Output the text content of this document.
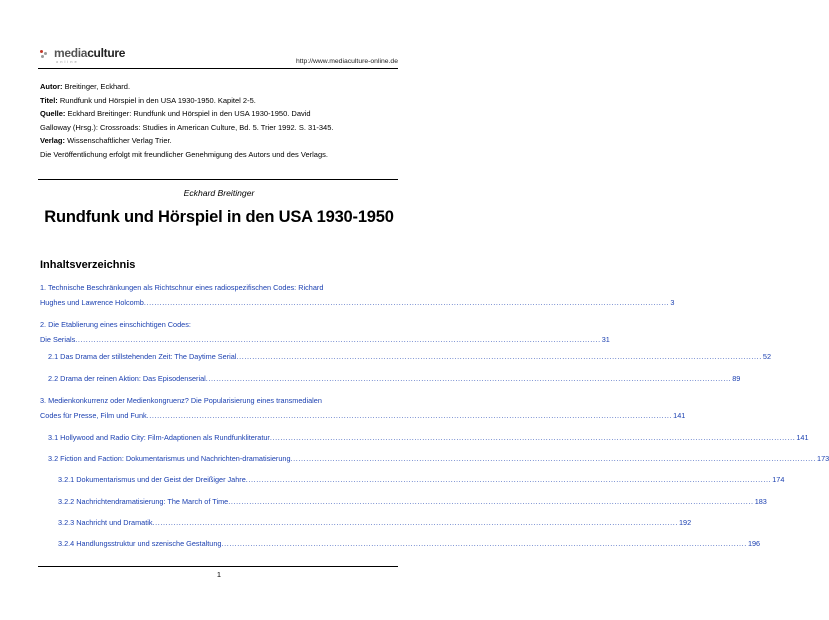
mediaculture
online	http://www.mediaculture-online.de

Autor: Breitinger, Eckhard.

Titel: Rundfunk und Hörspiel in den USA 1930-1950. Kapitel 2-5.

Quelle: Eckhard Breitinger: Rundfunk und Hörspiel in den USA 1930-1950. David

Galloway (Hrsg.): Crossroads: Studies in American Culture, Bd. 5. Trier 1992. S. 31-345.

Verlag: Wissenschaftlicher Verlag Trier.

Die Veröffentlichung erfolgt mit freundlicher Genehmigung des Autors und des Verlags.

Eckhard Breitinger
Rundfunk und Hörspiel in den USA 1930-1950
Inhaltsverzeichnis
1. Technische Beschränkungen als Richtschnur eines radiospezifischen Codes: Richard
Hughes und Lawrence Holcomb ........................................................................................................................................................................................................ 3
2. Die Etablierung eines einschichtigen Codes:
Die Serials ........................................................................................................................................................................................................ 31
2.1 Das Drama der stillstehenden Zeit: The Daytime Serial ........................................................................................................................................................................................................ 52
2.2 Drama der reinen Aktion: Das Episodenserial ........................................................................................................................................................................................................ 89
3. Medienkonkurrenz oder Medienkongruenz? Die Popularisierung eines transmedialen
Codes für Presse, Film und Funk ........................................................................................................................................................................................................ 141
3.1 Hollywood and Radio City: Film-Adaptionen als Rundfunkliteratur ........................................................................................................................................................................................................ 141
3.2 Fiction and Faction: Dokumentarismus und Nachrichten-dramatisierung ........................................................................................................................................................................................................ 173
3.2.1 Dokumentarismus und der Geist der Dreißiger Jahre ........................................................................................................................................................................................................ 174
3.2.2 Nachrichtendramatisierung: The March of Time ........................................................................................................................................................................................................ 183
3.2.3 Nachricht und Dramatik ........................................................................................................................................................................................................ 192
3.2.4 Handlungsstruktur und szenische Gestaltung ........................................................................................................................................................................................................ 196
1
